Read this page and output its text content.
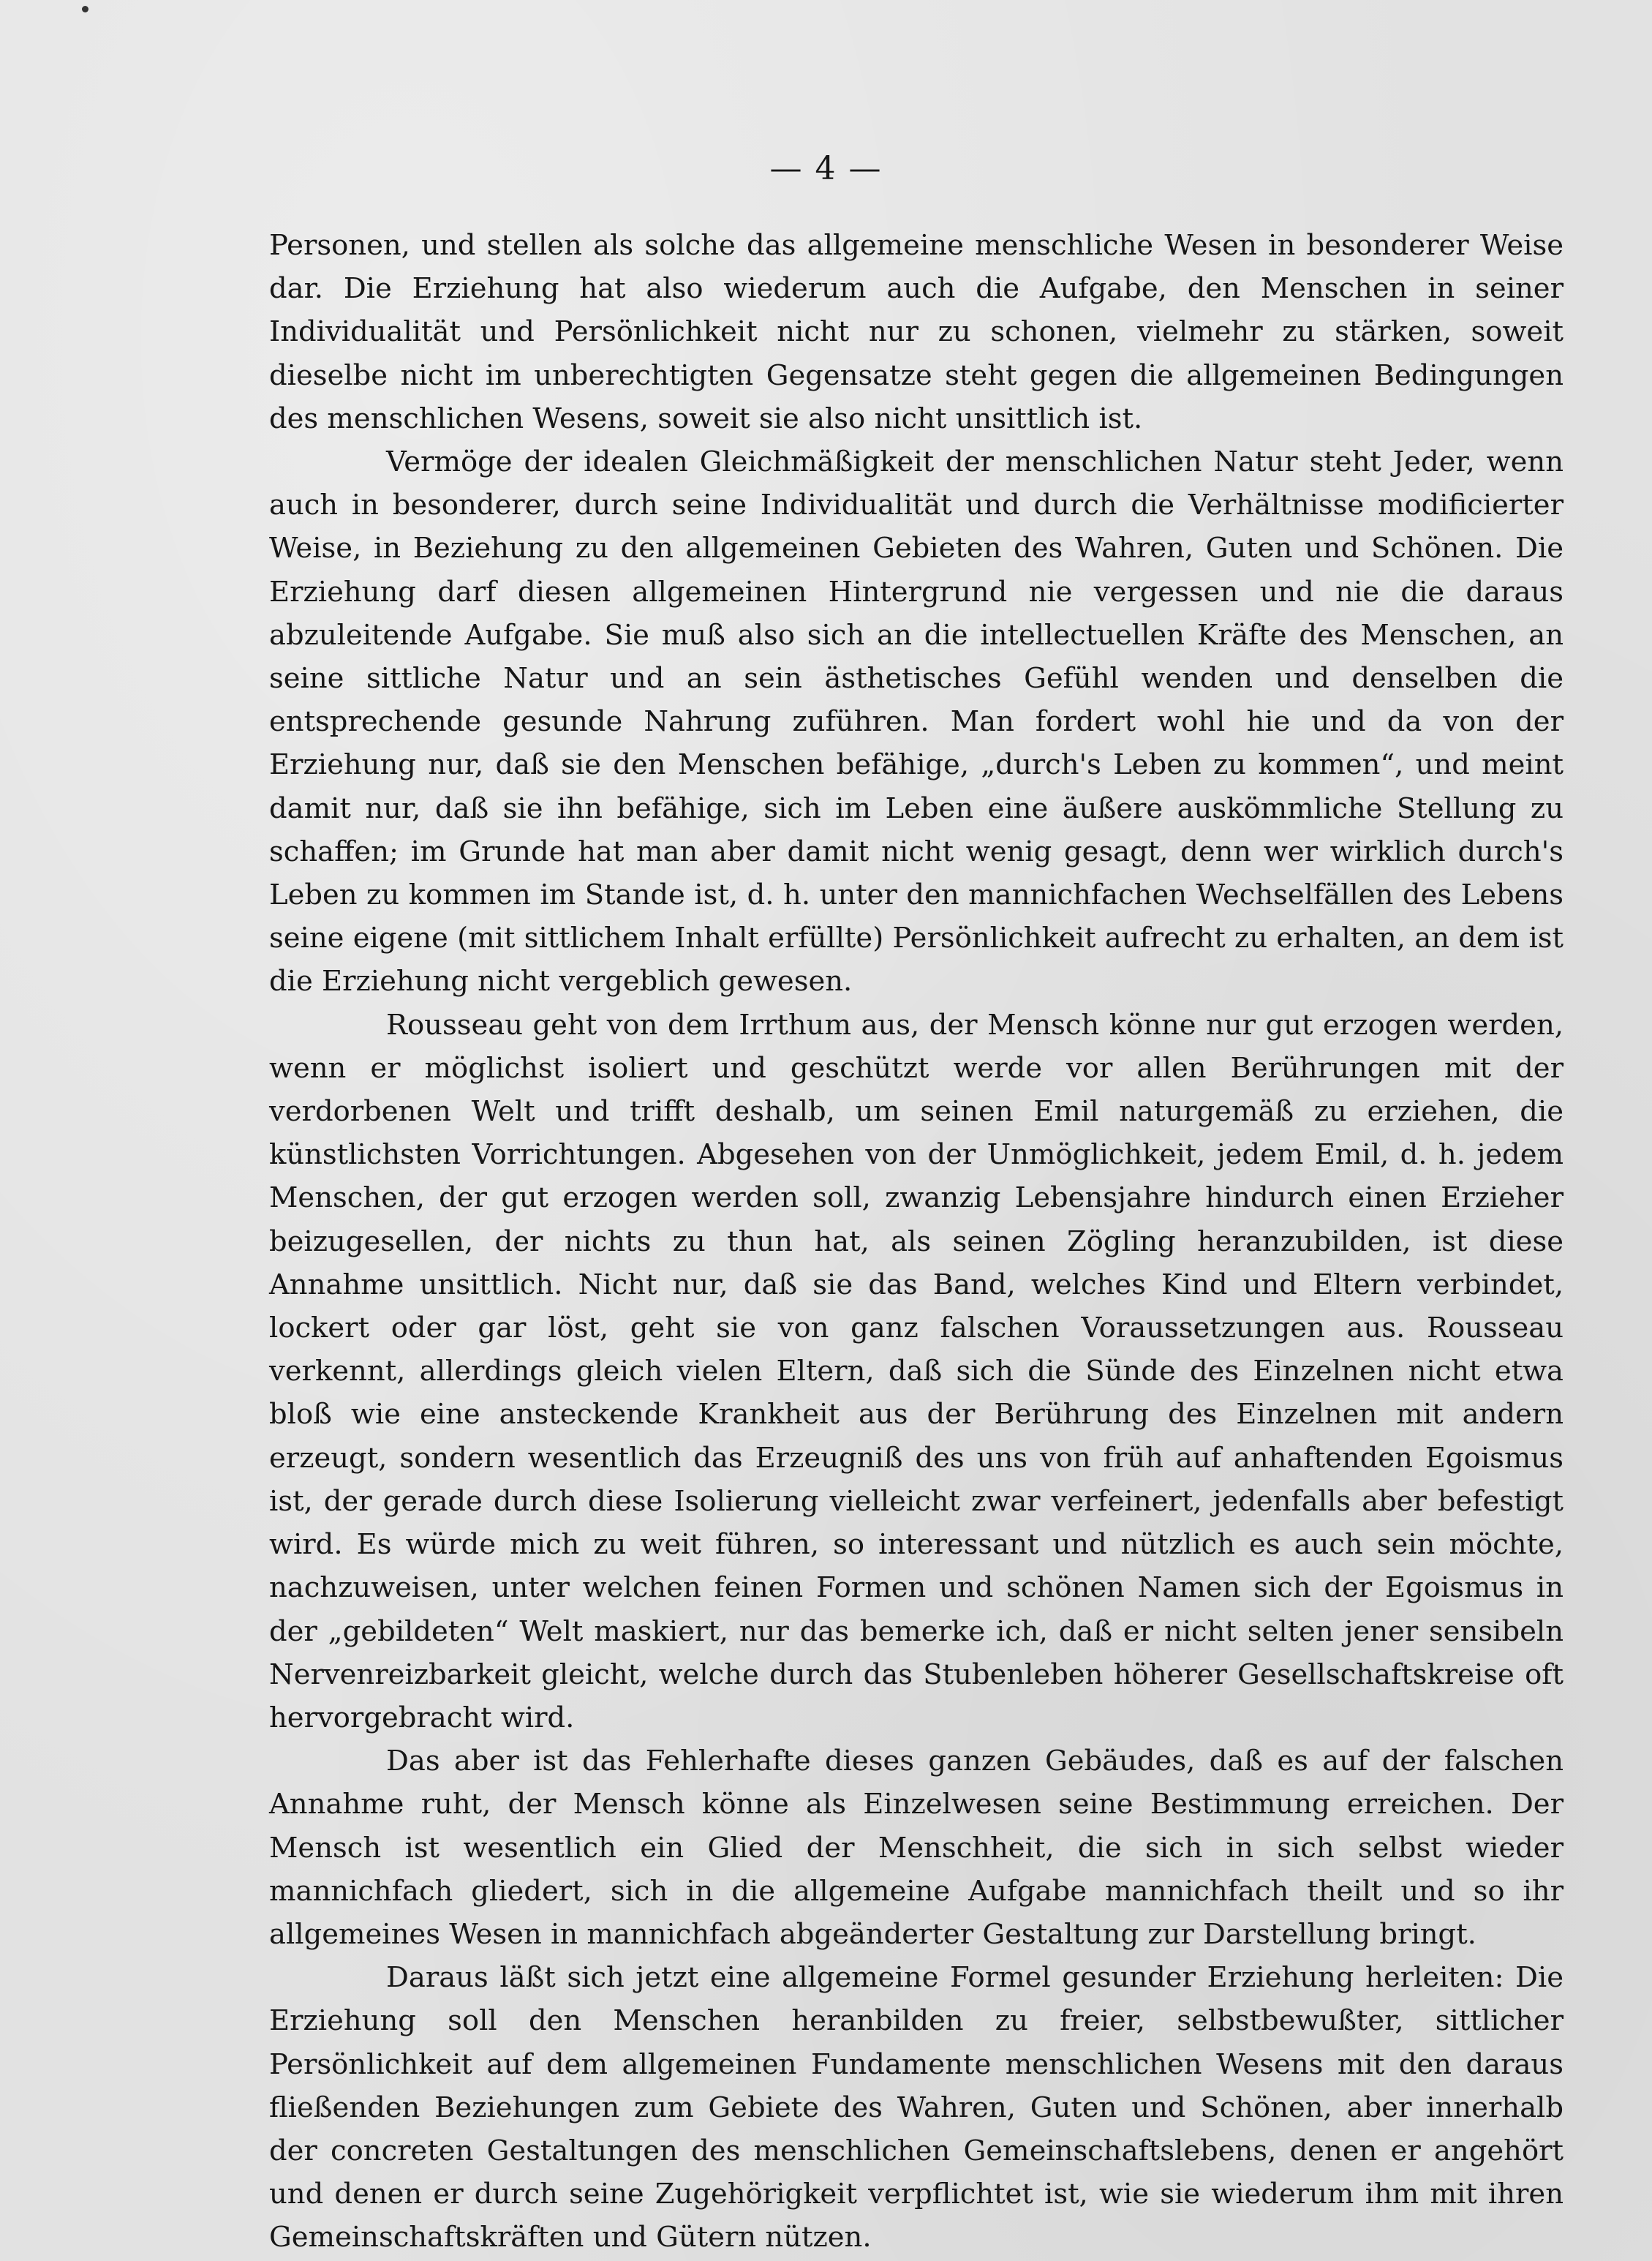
— 4 —

Personen, und stellen als solche das allgemeine menschliche Wesen in besonderer Weise dar. Die Erziehung hat also wiederum auch die Aufgabe, den Menschen in seiner Individualität und Persönlichkeit nicht nur zu schonen, vielmehr zu stärken, soweit dieselbe nicht im unberechtigten Gegensatze steht gegen die allgemeinen Bedingungen des menschlichen Wesens, soweit sie also nicht unsittlich ist.

Vermöge der idealen Gleichmäßigkeit der menschlichen Natur steht Jeder, wenn auch in besonderer, durch seine Individualität und durch die Verhältnisse modificierter Weise, in Beziehung zu den allgemeinen Gebieten des Wahren, Guten und Schönen. Die Erziehung darf diesen allgemeinen Hintergrund nie vergessen und nie die daraus abzuleitende Aufgabe. Sie muß also sich an die intellectuellen Kräfte des Menschen, an seine sittliche Natur und an sein ästhetisches Gefühl wenden und denselben die entsprechende gesunde Nahrung zuführen. Man fordert wohl hie und da von der Erziehung nur, daß sie den Menschen befähige, „durch's Leben zu kommen“, und meint damit nur, daß sie ihn befähige, sich im Leben eine äußere auskömmliche Stellung zu schaffen; im Grunde hat man aber damit nicht wenig gesagt, denn wer wirklich durch's Leben zu kommen im Stande ist, d. h. unter den mannichfachen Wechselfällen des Lebens seine eigene (mit sittlichem Inhalt erfüllte) Persönlichkeit aufrecht zu erhalten, an dem ist die Erziehung nicht vergeblich gewesen.

Rousseau geht von dem Irrthum aus, der Mensch könne nur gut erzogen werden, wenn er möglichst isoliert und geschützt werde vor allen Berührungen mit der verdorbenen Welt und trifft deshalb, um seinen Emil naturgemäß zu erziehen, die künstlichsten Vorrichtungen. Abgesehen von der Unmöglichkeit, jedem Emil, d. h. jedem Menschen, der gut erzogen werden soll, zwanzig Lebensjahre hindurch einen Erzieher beizugesellen, der nichts zu thun hat, als seinen Zögling heranzubilden, ist diese Annahme unsittlich. Nicht nur, daß sie das Band, welches Kind und Eltern verbindet, lockert oder gar löst, geht sie von ganz falschen Voraussetzungen aus. Rousseau verkennt, allerdings gleich vielen Eltern, daß sich die Sünde des Einzelnen nicht etwa bloß wie eine ansteckende Krankheit aus der Berührung des Einzelnen mit andern erzeugt, sondern wesentlich das Erzeugniß des uns von früh auf anhaftenden Egoismus ist, der gerade durch diese Isolierung vielleicht zwar verfeinert, jedenfalls aber befestigt wird. Es würde mich zu weit führen, so interessant und nützlich es auch sein möchte, nachzuweisen, unter welchen feinen Formen und schönen Namen sich der Egoismus in der „gebildeten“ Welt maskiert, nur das bemerke ich, daß er nicht selten jener sensibeln Nervenreizbarkeit gleicht, welche durch das Stubenleben höherer Gesellschaftskreise oft hervorgebracht wird.

Das aber ist das Fehlerhafte dieses ganzen Gebäudes, daß es auf der falschen Annahme ruht, der Mensch könne als Einzelwesen seine Bestimmung erreichen. Der Mensch ist wesentlich ein Glied der Menschheit, die sich in sich selbst wieder mannichfach gliedert, sich in die allgemeine Aufgabe mannichfach theilt und so ihr allgemeines Wesen in mannichfach abgeänderter Gestaltung zur Darstellung bringt.

Daraus läßt sich jetzt eine allgemeine Formel gesunder Erziehung herleiten: Die Erziehung soll den Menschen heranbilden zu freier, selbstbewußter, sittlicher Persönlichkeit auf dem allgemeinen Fundamente menschlichen Wesens mit den daraus fließenden Beziehungen zum Gebiete des Wahren, Guten und Schönen, aber innerhalb der concreten Gestaltungen des menschlichen Gemeinschaftslebens, denen er angehört und denen er durch seine Zugehörigkeit verpflichtet ist, wie sie wiederum ihm mit ihren Gemeinschaftskräften und Gütern nützen.
